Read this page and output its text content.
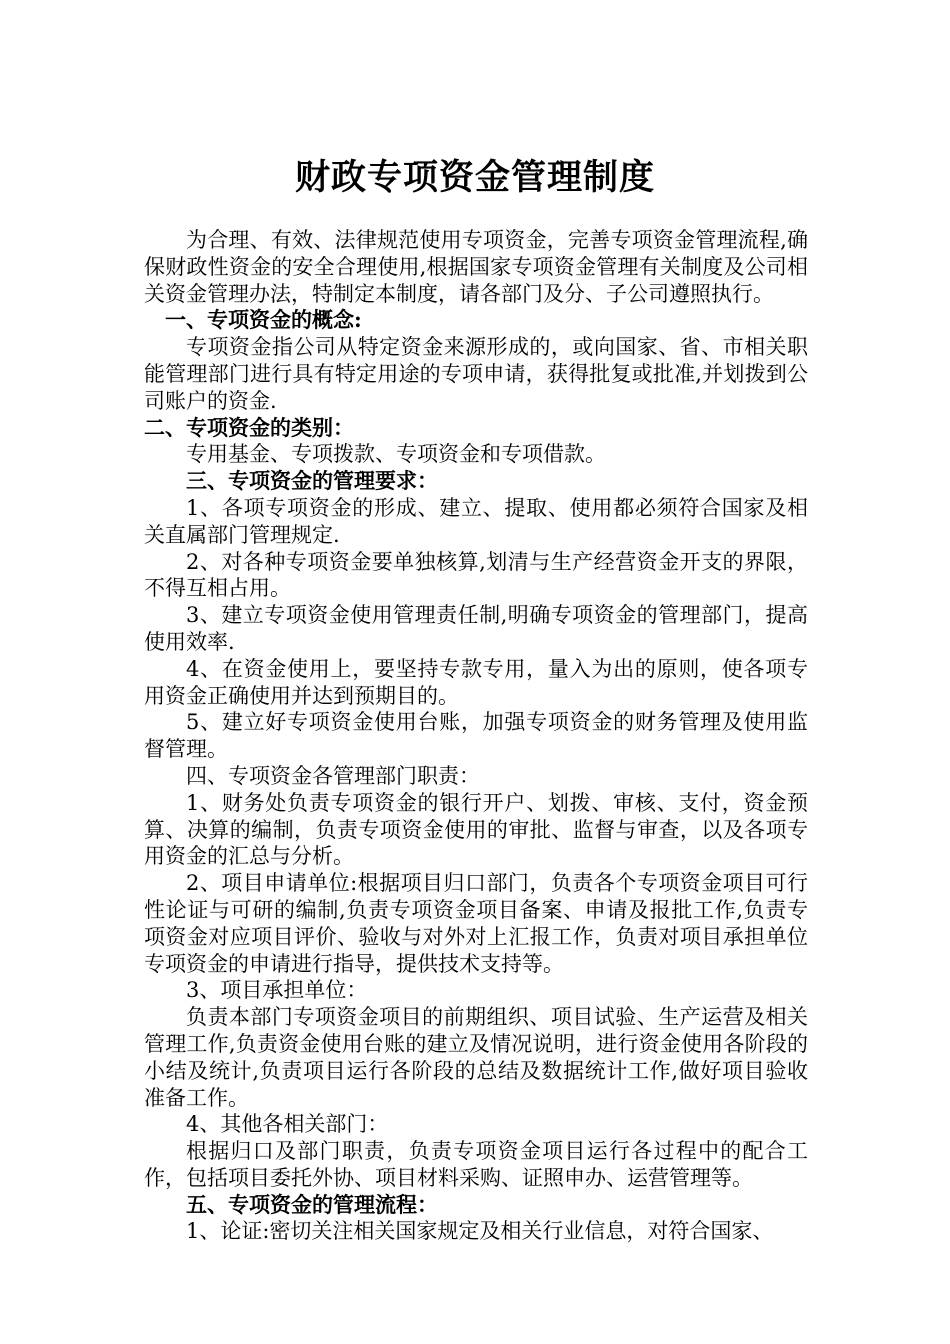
财政专项资金管理制度

为合理、有效、法律规范使用专项资金，完善专项资金管理流程,确保财政性资金的安全合理使用,根据国家专项资金管理有关制度及公司相关资金管理办法，特制定本制度，请各部门及分、子公司遵照执行。

一、专项资金的概念:

专项资金指公司从特定资金来源形成的，或向国家、省、市相关职能管理部门进行具有特定用途的专项申请，获得批复或批准,并划拨到公司账户的资金.

二、专项资金的类别：

专用基金、专项拨款、专项资金和专项借款。

三、专项资金的管理要求：

1、各项专项资金的形成、建立、提取、使用都必须符合国家及相关直属部门管理规定.

2、对各种专项资金要单独核算,划清与生产经营资金开支的界限，不得互相占用。

3、建立专项资金使用管理责任制,明确专项资金的管理部门，提高使用效率.

4、在资金使用上，要坚持专款专用，量入为出的原则，使各项专用资金正确使用并达到预期目的。

5、建立好专项资金使用台账，加强专项资金的财务管理及使用监督管理。

四、专项资金各管理部门职责：

1、财务处负责专项资金的银行开户、划拨、审核、支付，资金预算、决算的编制，负责专项资金使用的审批、监督与审查，以及各项专用资金的汇总与分析。

2、项目申请单位:根据项目归口部门，负责各个专项资金项目可行性论证与可研的编制,负责专项资金项目备案、申请及报批工作,负责专项资金对应项目评价、验收与对外对上汇报工作，负责对项目承担单位专项资金的申请进行指导，提供技术支持等。

3、项目承担单位：

负责本部门专项资金项目的前期组织、项目试验、生产运营及相关管理工作,负责资金使用台账的建立及情况说明，进行资金使用各阶段的小结及统计,负责项目运行各阶段的总结及数据统计工作,做好项目验收准备工作。

4、其他各相关部门：

根据归口及部门职责，负责专项资金项目运行各过程中的配合工作，包括项目委托外协、项目材料采购、证照申办、运营管理等。

五、专项资金的管理流程：

1、论证:密切关注相关国家规定及相关行业信息，对符合国家、
